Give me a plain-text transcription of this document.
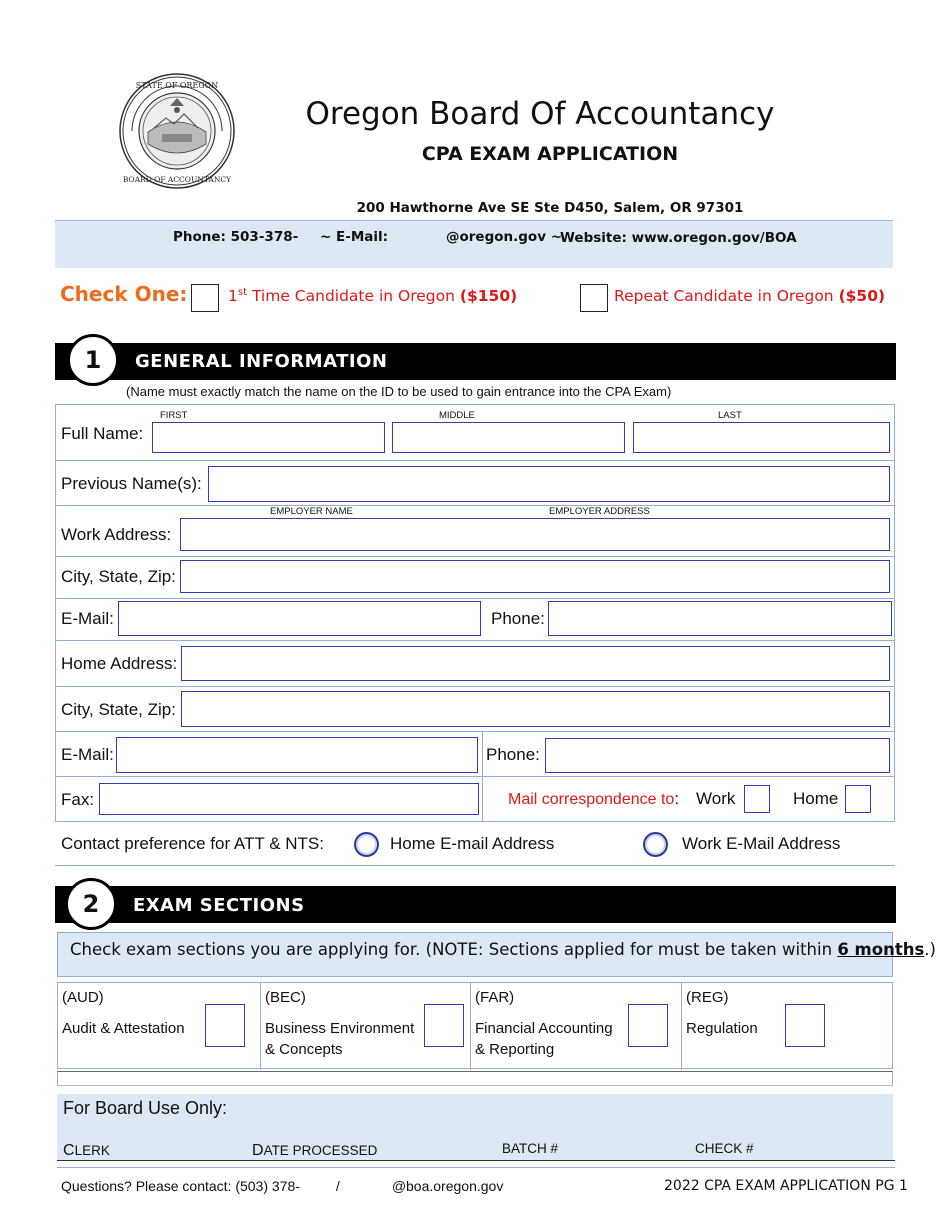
STATE OF OREGON
BOARD OF ACCOUNTANCY
Oregon Board Of Accountancy
CPA EXAM APPLICATION
200 Hawthorne Ave SE Ste D450, Salem, OR 97301
Phone: 503-378- ~ E-Mail:	@oregon.gov ~
Website: www.oregon.gov/BOA
Check One:	1st Time Candidate in Oregon ($150)	Repeat Candidate in Oregon ($50)
GENERAL INFORMATION
1
(Name must exactly match the name on the ID to be used to gain entrance into the CPA Exam)
Full Name:
FIRST	MIDDLE	LAST
Previous Name(s):
EMPLOYER NAME	EMPLOYER ADDRESS
Work Address:
City, State, Zip:
E-Mail:	Phone:
Home Address:
City, State, Zip:
E-Mail:	Phone:
Fax:	Mail correspondence to: Work	Home
Contact preference for ATT & NTS:	Home E-mail Address	Work E-Mail Address
EXAM SECTIONS
2
Check exam sections you are applying for. (NOTE: Sections applied for must be taken within 6 months.)
(AUD)
Audit & Attestation
(BEC)
Business Environment
& Concepts
(FAR)
Financial Accounting
& Reporting
(REG)
Regulation
For Board Use Only:
CLERK	DATE PROCESSED	BATCH #	CHECK #
Questions? Please contact: (503) 378-	/	@boa.oregon.gov	2022 CPA EXAM APPLICATION PG 1
